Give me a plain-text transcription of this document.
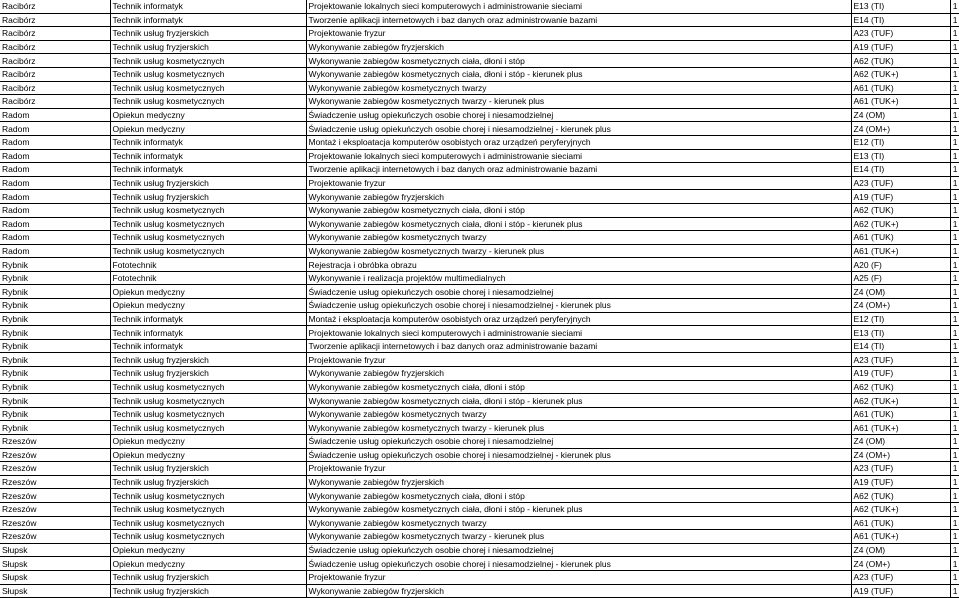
Racibórz	Technik informatyk	Projektowanie lokalnych sieci komputerowych i administrowanie sieciami	E13 (TI)	1
Racibórz	Technik informatyk	Tworzenie aplikacji internetowych i baz danych oraz administrowanie bazami	E14 (TI)	1
Racibórz	Technik usług fryzjerskich	Projektowanie fryzur	A23 (TUF)	1
Racibórz	Technik usług fryzjerskich	Wykonywanie zabiegów fryzjerskich	A19 (TUF)	1
Racibórz	Technik usług kosmetycznych	Wykonywanie zabiegów kosmetycznych ciała, dłoni i stóp	A62 (TUK)	1
Racibórz	Technik usług kosmetycznych	Wykonywanie zabiegów kosmetycznych ciała, dłoni i stóp - kierunek plus	A62 (TUK+)	1
Racibórz	Technik usług kosmetycznych	Wykonywanie zabiegów kosmetycznych twarzy	A61 (TUK)	1
Racibórz	Technik usług kosmetycznych	Wykonywanie zabiegów kosmetycznych twarzy - kierunek plus	A61 (TUK+)	1
Radom	Opiekun medyczny	Świadczenie usług opiekuńczych osobie chorej i niesamodzielnej	Z4 (OM)	1
Radom	Opiekun medyczny	Świadczenie usług opiekuńczych osobie chorej i niesamodzielnej - kierunek plus	Z4 (OM+)	1
Radom	Technik informatyk	Montaż i eksploatacja komputerów osobistych oraz urządzeń peryferyjnych	E12 (TI)	1
Radom	Technik informatyk	Projektowanie lokalnych sieci komputerowych i administrowanie sieciami	E13 (TI)	1
Radom	Technik informatyk	Tworzenie aplikacji internetowych i baz danych oraz administrowanie bazami	E14 (TI)	1
Radom	Technik usług fryzjerskich	Projektowanie fryzur	A23 (TUF)	1
Radom	Technik usług fryzjerskich	Wykonywanie zabiegów fryzjerskich	A19 (TUF)	1
Radom	Technik usług kosmetycznych	Wykonywanie zabiegów kosmetycznych ciała, dłoni i stóp	A62 (TUK)	1
Radom	Technik usług kosmetycznych	Wykonywanie zabiegów kosmetycznych ciała, dłoni i stóp - kierunek plus	A62 (TUK+)	1
Radom	Technik usług kosmetycznych	Wykonywanie zabiegów kosmetycznych twarzy	A61 (TUK)	1
Radom	Technik usług kosmetycznych	Wykonywanie zabiegów kosmetycznych twarzy - kierunek plus	A61 (TUK+)	1
Rybnik	Fototechnik	Rejestracja i obróbka obrazu	A20 (F)	1
Rybnik	Fototechnik	Wykonywanie i realizacja projektów multimedialnych	A25 (F)	1
Rybnik	Opiekun medyczny	Świadczenie usług opiekuńczych osobie chorej i niesamodzielnej	Z4 (OM)	1
Rybnik	Opiekun medyczny	Świadczenie usług opiekuńczych osobie chorej i niesamodzielnej - kierunek plus	Z4 (OM+)	1
Rybnik	Technik informatyk	Montaż i eksploatacja komputerów osobistych oraz urządzeń peryferyjnych	E12 (TI)	1
Rybnik	Technik informatyk	Projektowanie lokalnych sieci komputerowych i administrowanie sieciami	E13 (TI)	1
Rybnik	Technik informatyk	Tworzenie aplikacji internetowych i baz danych oraz administrowanie bazami	E14 (TI)	1
Rybnik	Technik usług fryzjerskich	Projektowanie fryzur	A23 (TUF)	1
Rybnik	Technik usług fryzjerskich	Wykonywanie zabiegów fryzjerskich	A19 (TUF)	1
Rybnik	Technik usług kosmetycznych	Wykonywanie zabiegów kosmetycznych ciała, dłoni i stóp	A62 (TUK)	1
Rybnik	Technik usług kosmetycznych	Wykonywanie zabiegów kosmetycznych ciała, dłoni i stóp - kierunek plus	A62 (TUK+)	1
Rybnik	Technik usług kosmetycznych	Wykonywanie zabiegów kosmetycznych twarzy	A61 (TUK)	1
Rybnik	Technik usług kosmetycznych	Wykonywanie zabiegów kosmetycznych twarzy - kierunek plus	A61 (TUK+)	1
Rzeszów	Opiekun medyczny	Świadczenie usług opiekuńczych osobie chorej i niesamodzielnej	Z4 (OM)	1
Rzeszów	Opiekun medyczny	Świadczenie usług opiekuńczych osobie chorej i niesamodzielnej - kierunek plus	Z4 (OM+)	1
Rzeszów	Technik usług fryzjerskich	Projektowanie fryzur	A23 (TUF)	1
Rzeszów	Technik usług fryzjerskich	Wykonywanie zabiegów fryzjerskich	A19 (TUF)	1
Rzeszów	Technik usług kosmetycznych	Wykonywanie zabiegów kosmetycznych ciała, dłoni i stóp	A62 (TUK)	1
Rzeszów	Technik usług kosmetycznych	Wykonywanie zabiegów kosmetycznych ciała, dłoni i stóp - kierunek plus	A62 (TUK+)	1
Rzeszów	Technik usług kosmetycznych	Wykonywanie zabiegów kosmetycznych twarzy	A61 (TUK)	1
Rzeszów	Technik usług kosmetycznych	Wykonywanie zabiegów kosmetycznych twarzy - kierunek plus	A61 (TUK+)	1
Słupsk	Opiekun medyczny	Świadczenie usług opiekuńczych osobie chorej i niesamodzielnej	Z4 (OM)	1
Słupsk	Opiekun medyczny	Świadczenie usług opiekuńczych osobie chorej i niesamodzielnej - kierunek plus	Z4 (OM+)	1
Słupsk	Technik usług fryzjerskich	Projektowanie fryzur	A23 (TUF)	1
Słupsk	Technik usług fryzjerskich	Wykonywanie zabiegów fryzjerskich	A19 (TUF)	1
